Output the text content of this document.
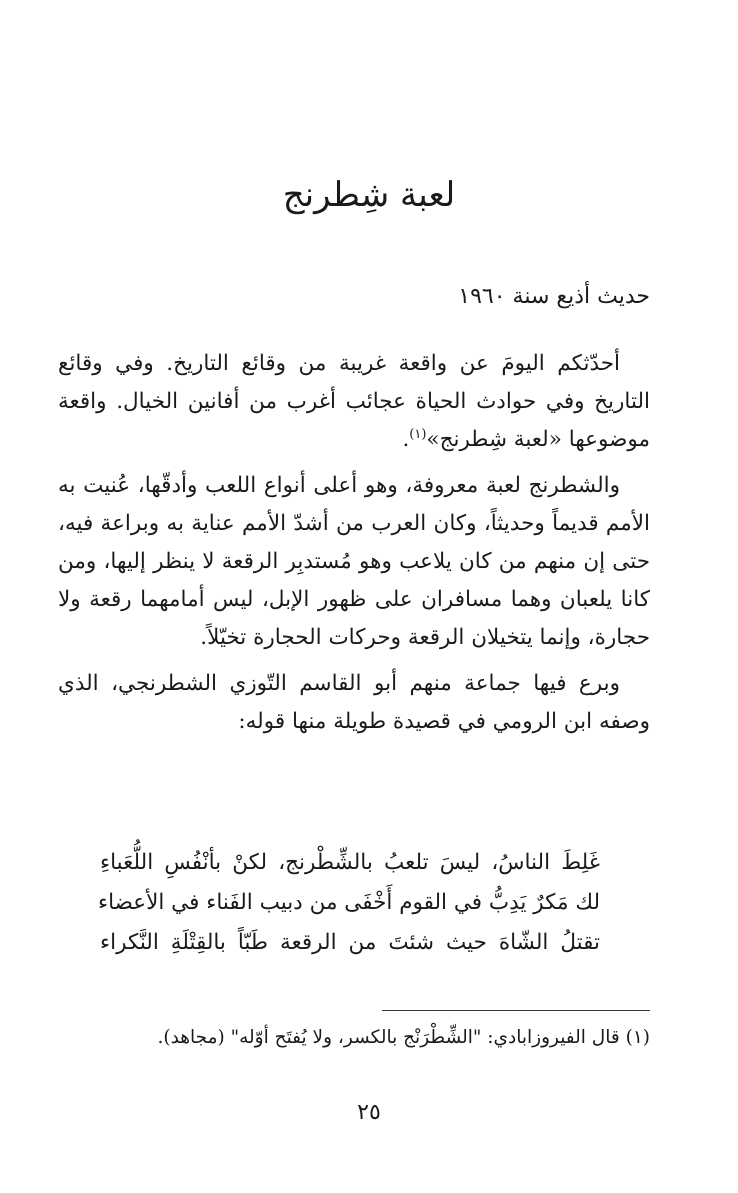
لعبة شِطرنج
حديث أذيع سنة ١٩٦٠

أحدّثكم اليومَ عن واقعة غريبة من وقائع التاريخ. وفي وقائع التاريخ وفي حوادث الحياة عجائب أغرب من أفانين الخيال. واقعة موضوعها «لعبة شِطرنج»$^{(١)}$.

والشطرنج لعبة معروفة، وهو أعلى أنواع اللعب وأدقّها، عُنيت به الأمم قديماً وحديثاً، وكان العرب من أشدّ الأمم عناية به وبراعة فيه، حتى إن منهم من كان يلاعب وهو مُستدبِر الرقعة لا ينظر إليها، ومن كانا يلعبان وهما مسافران على ظهور الإبل، ليس أمامهما رقعة ولا حجارة، وإنما يتخيلان الرقعة وحركات الحجارة تخيّلاً.

وبرع فيها جماعة منهم أبو القاسم التّوزي الشطرنجي، الذي وصفه ابن الرومي في قصيدة طويلة منها قوله:

غَلِطَ الناسُ، ليسَ تلعبُ بالشِّطْرنج، لكنْ بأنْفُسِ اللُّعَباءِ
لك مَكرٌ يَدِبُّ في القوم أَخْفَى من دبيب الفَناء في الأعضاء
تقتلُ الشّاهَ حيث شئتَ من الرقعة طَبّاً بالقِتْلَةِ النَّكراء
(١) قال الفيروزابادي: "الشِّطْرَنْج بالكسر، ولا يُفتَح أوّله" (مجاهد).
٢٥
